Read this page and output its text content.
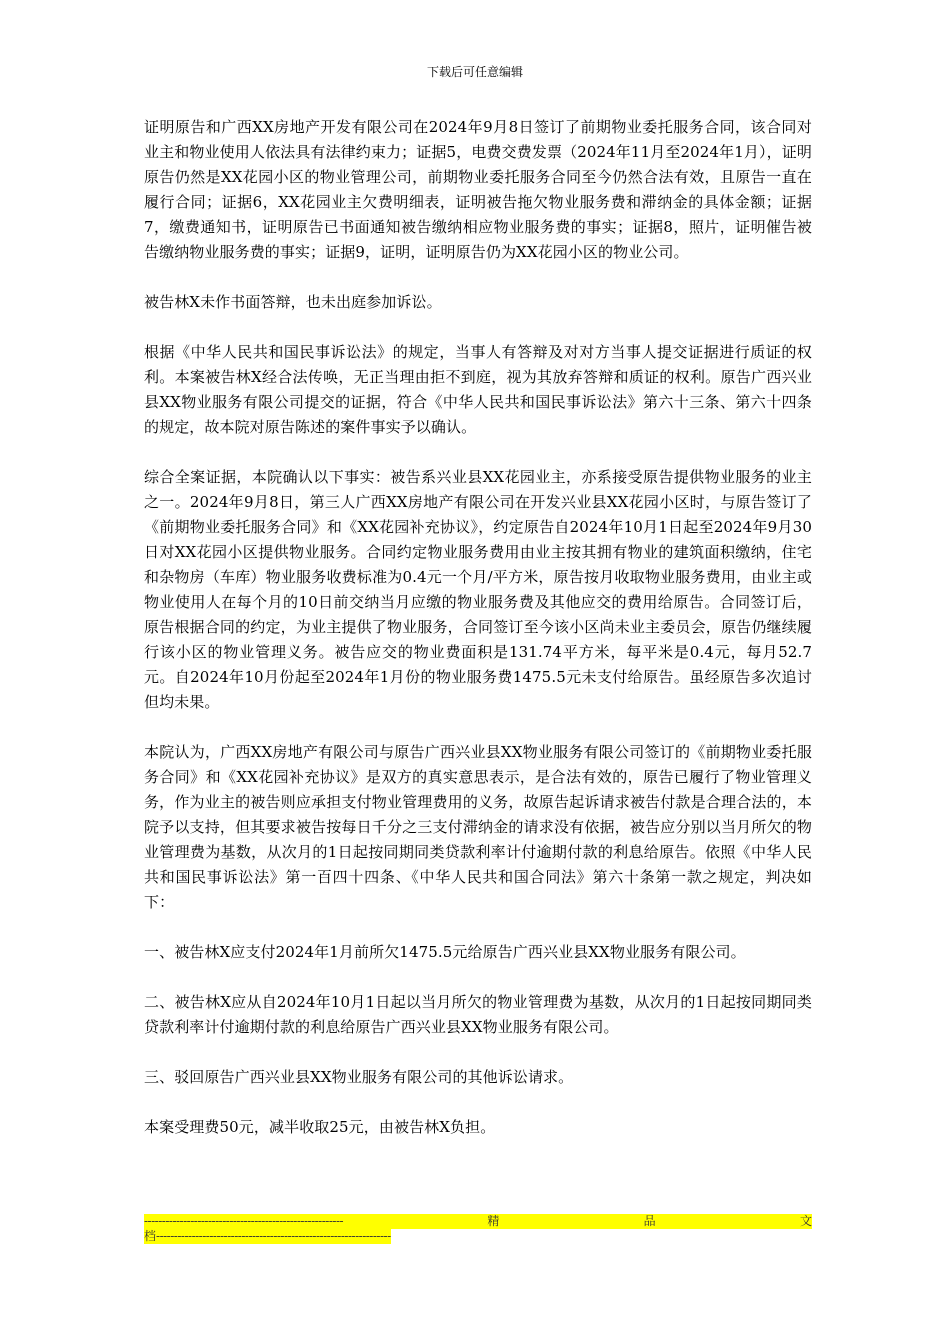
下载后可任意编辑

证明原告和广西XX房地产开发有限公司在2024年9月8日签订了前期物业委托服务合同，该合同对业主和物业使用人依法具有法律约束力；证据5，电费交费发票（2024年11月至2024年1月），证明原告仍然是XX花园小区的物业管理公司，前期物业委托服务合同至今仍然合法有效，且原告一直在履行合同；证据6，XX花园业主欠费明细表，证明被告拖欠物业服务费和滞纳金的具体金额；证据7，缴费通知书，证明原告已书面通知被告缴纳相应物业服务费的事实；证据8，照片，证明催告被告缴纳物业服务费的事实；证据9，证明，证明原告仍为XX花园小区的物业公司。

被告林X未作书面答辩，也未出庭参加诉讼。

根据《中华人民共和国民事诉讼法》的规定，当事人有答辩及对对方当事人提交证据进行质证的权利。本案被告林X经合法传唤，无正当理由拒不到庭，视为其放弃答辩和质证的权利。原告广西兴业县XX物业服务有限公司提交的证据，符合《中华人民共和国民事诉讼法》第六十三条、第六十四条的规定，故本院对原告陈述的案件事实予以确认。

综合全案证据，本院确认以下事实：被告系兴业县XX花园业主，亦系接受原告提供物业服务的业主之一。2024年9月8日，第三人广西XX房地产有限公司在开发兴业县XX花园小区时，与原告签订了《前期物业委托服务合同》和《XX花园补充协议》，约定原告自2024年10月1日起至2024年9月30日对XX花园小区提供物业服务。合同约定物业服务费用由业主按其拥有物业的建筑面积缴纳，住宅和杂物房（车库）物业服务收费标准为0.4元一个月/平方米，原告按月收取物业服务费用，由业主或物业使用人在每个月的10日前交纳当月应缴的物业服务费及其他应交的费用给原告。合同签订后，原告根据合同的约定，为业主提供了物业服务，合同签订至今该小区尚未业主委员会，原告仍继续履行该小区的物业管理义务。被告应交的物业费面积是131.74平方米，每平米是0.4元，每月52.7元。自2024年10月份起至2024年1月份的物业服务费1475.5元未支付给原告。虽经原告多次追讨但均未果。

本院认为，广西XX房地产有限公司与原告广西兴业县XX物业服务有限公司签订的《前期物业委托服务合同》和《XX花园补充协议》是双方的真实意思表示，是合法有效的，原告已履行了物业管理义务，作为业主的被告则应承担支付物业管理费用的义务，故原告起诉请求被告付款是合理合法的，本院予以支持，但其要求被告按每日千分之三支付滞纳金的请求没有依据，被告应分别以当月所欠的物业管理费为基数，从次月的1日起按同期同类贷款利率计付逾期付款的利息给原告。依照《中华人民共和国民事诉讼法》第一百四十四条、《中华人民共和国合同法》第六十条第一款之规定，判决如下：

一、被告林X应支付2024年1月前所欠1475.5元给原告广西兴业县XX物业服务有限公司。

二、被告林X应从自2024年10月1日起以当月所欠的物业管理费为基数，从次月的1日起按同期同类贷款利率计付逾期付款的利息给原告广西兴业县XX物业服务有限公司。

三、驳回原告广西兴业县XX物业服务有限公司的其他诉讼请求。

本案受理费50元，减半收取25元，由被告林X负担。

--------------------------------------------------------	精	品	文
档------------------------------------------------------------------
